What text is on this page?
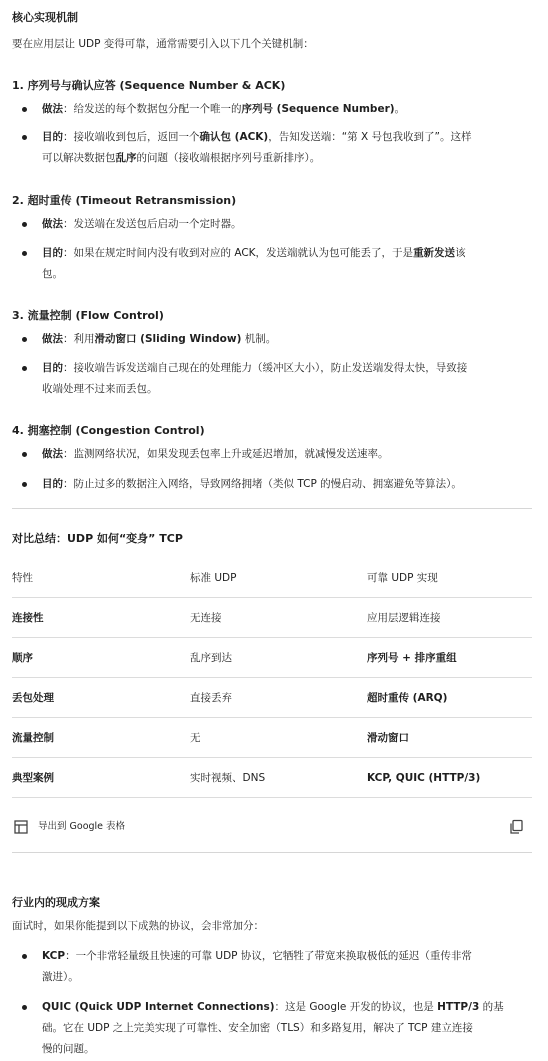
核心实现机制
要在应用层让 UDP 变得可靠，通常需要引入以下几个关键机制：
1. 序列号与确认应答 (Sequence Number & ACK)
做法：给发送的每个数据包分配一个唯一的序列号 (Sequence Number)。
目的：接收端收到包后，返回一个确认包 (ACK)，告知发送端：“第 X 号包我收到了”。这样
可以解决数据包乱序的问题（接收端根据序列号重新排序）。
2. 超时重传 (Timeout Retransmission)
做法：发送端在发送包后启动一个定时器。
目的：如果在规定时间内没有收到对应的 ACK，发送端就认为包可能丢了，于是重新发送该
包。
3. 流量控制 (Flow Control)
做法：利用滑动窗口 (Sliding Window) 机制。
目的：接收端告诉发送端自己现在的处理能力（缓冲区大小），防止发送端发得太快，导致接
收端处理不过来而丢包。
4. 拥塞控制 (Congestion Control)
做法：监测网络状况，如果发现丢包率上升或延迟增加，就减慢发送速率。
目的：防止过多的数据注入网络，导致网络拥堵（类似 TCP 的慢启动、拥塞避免等算法）。
对比总结：UDP 如何“变身” TCP
特性	标准 UDP	可靠 UDP 实现
连接性	无连接	应用层逻辑连接
顺序	乱序到达	序列号 + 排序重组
丢包处理	直接丢弃	超时重传 (ARQ)
流量控制	无	滑动窗口
典型案例	实时视频、DNS	KCP, QUIC (HTTP/3)
导出到 Google 表格
行业内的现成方案
面试时，如果你能提到以下成熟的协议，会非常加分：
KCP：一个非常轻量级且快速的可靠 UDP 协议，它牺牲了带宽来换取极低的延迟（重传非常
激进）。
QUIC (Quick UDP Internet Connections)：这是 Google 开发的协议，也是 HTTP/3 的基
础。它在 UDP 之上完美实现了可靠性、安全加密（TLS）和多路复用，解决了 TCP 建立连接
慢的问题。
